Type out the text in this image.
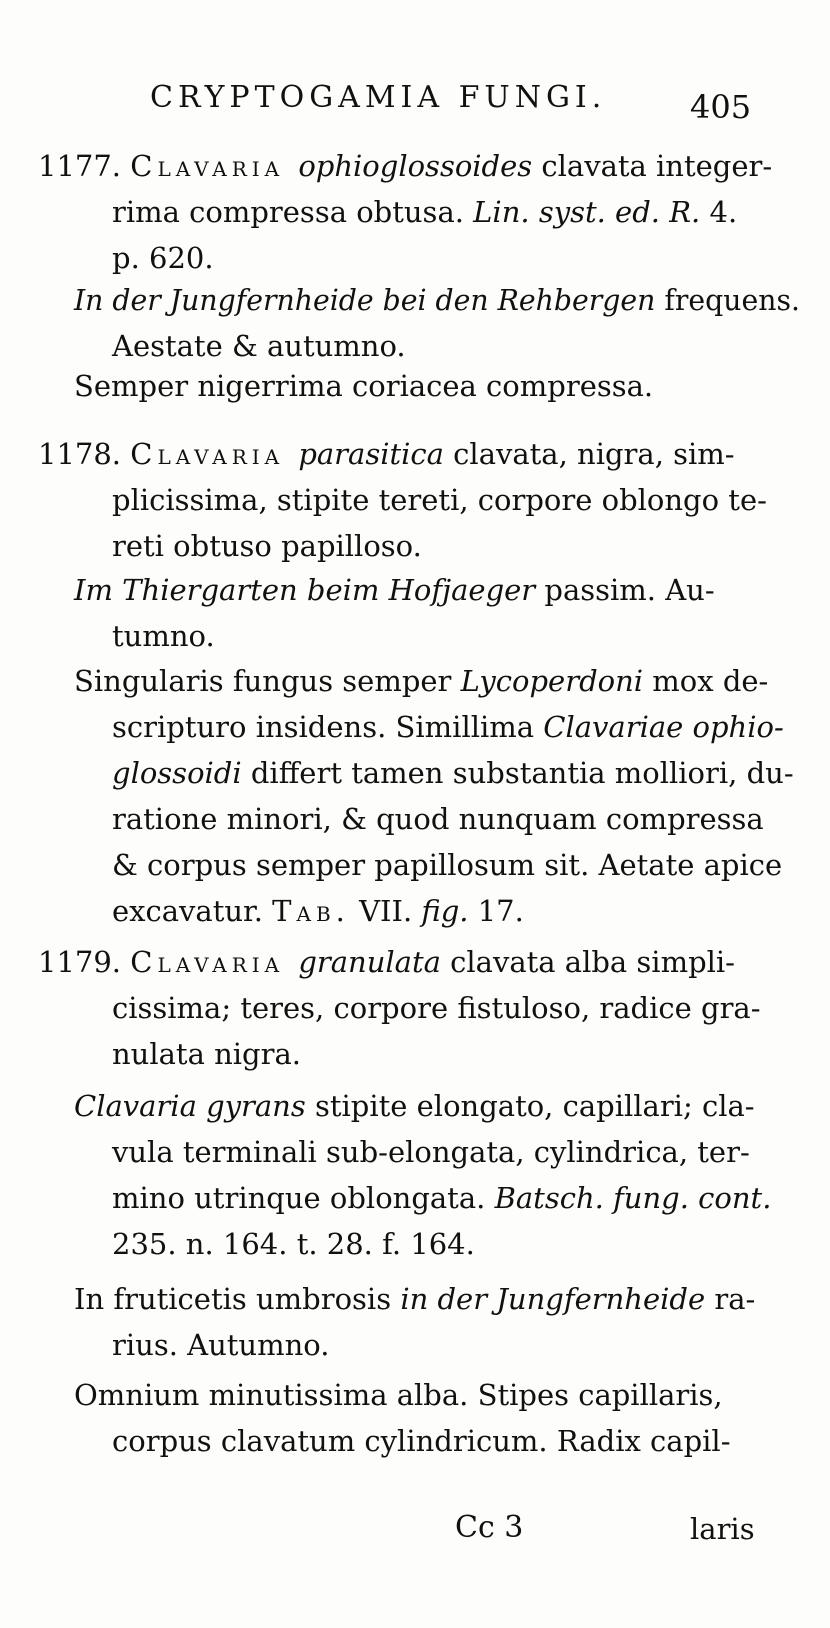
CRYPTOGAMIA FUNGI.	405
1177. Clavaria ophioglossoides clavata integer-
rima compressa obtusa. Lin. syst. ed. R. 4.
p. 620.
In der Jungfernheide bei den Rehbergen frequens.
Aestate & autumno.
Semper nigerrima coriacea compressa.
1178. Clavaria parasitica clavata, nigra, sim-
plicissima, stipite tereti, corpore oblongo te-
reti obtuso papilloso.
Im Thiergarten beim Hofjaeger passim. Au-
tumno.
Singularis fungus semper Lycoperdoni mox de-
scripturo insidens. Simillima Clavariae ophio-
glossoidi differt tamen substantia molliori, du-
ratione minori, & quod nunquam compressa
& corpus semper papillosum sit. Aetate apice
excavatur. Tab. VII. fig. 17.
1179. Clavaria granulata clavata alba simpli-
cissima; teres, corpore fistuloso, radice gra-
nulata nigra.
Clavaria gyrans stipite elongato, capillari; cla-
vula terminali sub-elongata, cylindrica, ter-
mino utrinque oblongata. Batsch. fung. cont.
235. n. 164. t. 28. f. 164.
In fruticetis umbrosis in der Jungfernheide ra-
rius. Autumno.
Omnium minutissima alba. Stipes capillaris,
corpus clavatum cylindricum. Radix capil-
Cc 3	laris
